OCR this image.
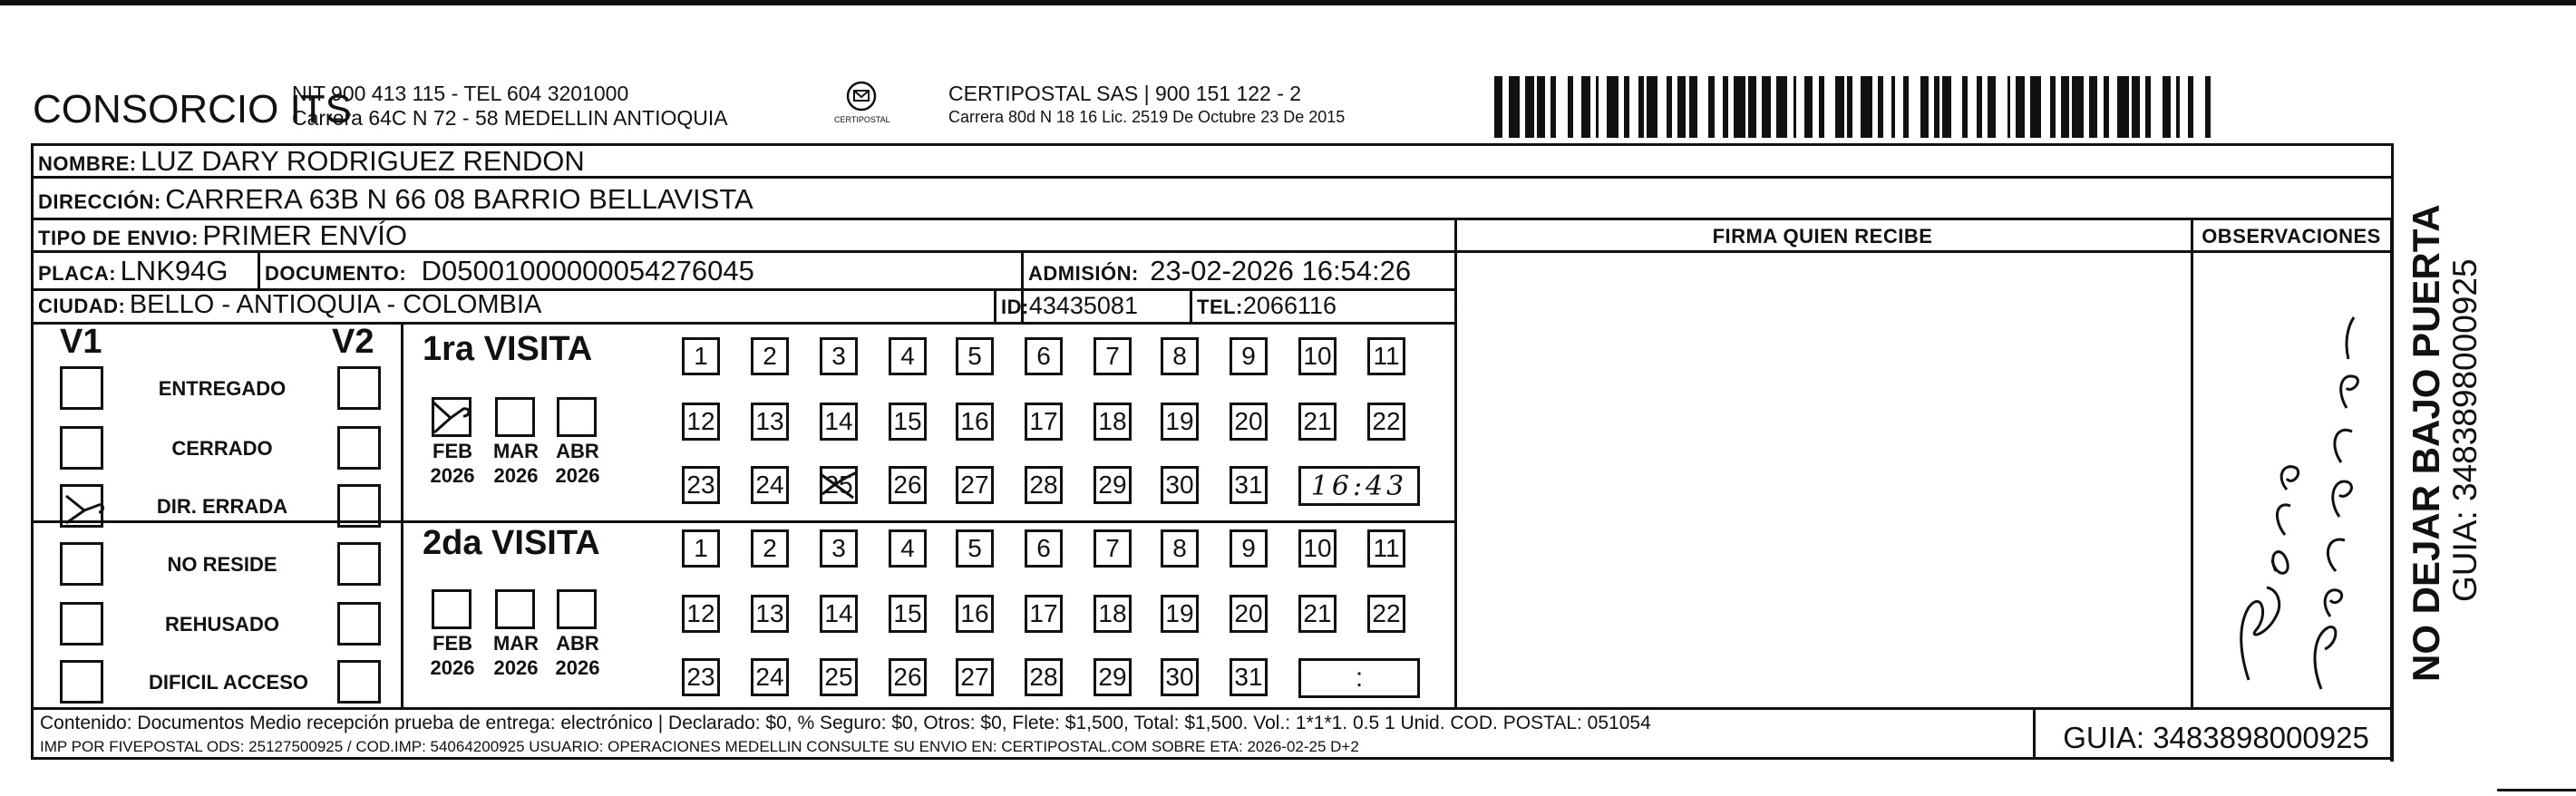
CONSORCIO ITS
NIT 900 413 115 - TEL 604 3201000
Carrera 64C N 72 - 58 MEDELLIN ANTIOQUIA	CERTIPOSTAL
CERTIPOSTAL SAS | 900 151 122 - 2
Carrera 80d N 18 16 Lic. 2519 De Octubre 23 De 2015
NOMBRE: LUZ DARY RODRIGUEZ RENDON
DIRECCIÓN: CARRERA 63B N 66 08 BARRIO BELLAVISTA
TIPO DE ENVIO: PRIMER ENVÍO	FIRMA QUIEN RECIBE	OBSERVACIONES
PLACA: LNK94G DOCUMENTO: D05001000000054276045	ADMISIÓN: 23-02-2026 16:54:26
CIUDAD: BELLO - ANTIOQUIA - COLOMBIA	ID:43435081	TEL:2066116
V1	V2
ENTREGADO
CERRADO
DIR. ERRADA
NO RESIDE
REHUSADO
DIFICIL ACCESO
1ra VISITA
2da VISITA
FEB
2026
MAR
2026
ABR
2026
1	2	3	4	5	6	7	8	9	10 11
12 13 14 15 16 17 18 19 20 21 22
23 24 25 26 27 28 29 30 31	16:43
FEB
2026
MAR
2026
ABR
2026
1	2	3	4	5	6	7	8	9	10 11
12 13 14 15 16 17 18 19 20 21 22
23 24 25 26 27 28 29 30 31	:
Contenido: Documentos Medio recepción prueba de entrega: electrónico | Declarado: $0, % Seguro: $0, Otros: $0, Flete: $1,500, Total: $1,500. Vol.: 1*1*1. 0.5 1 Unid. COD. POSTAL: 051054
IMP POR FIVEPOSTAL ODS: 25127500925 / COD.IMP: 54064200925 USUARIO: OPERACIONES MEDELLIN CONSULTE SU ENVIO EN: CERTIPOSTAL.COM SOBRE ETA: 2026-02-25 D+2	GUIA: 3483898000925
NO DEJAR BAJO PUERTA GUIA: 3483898000925
